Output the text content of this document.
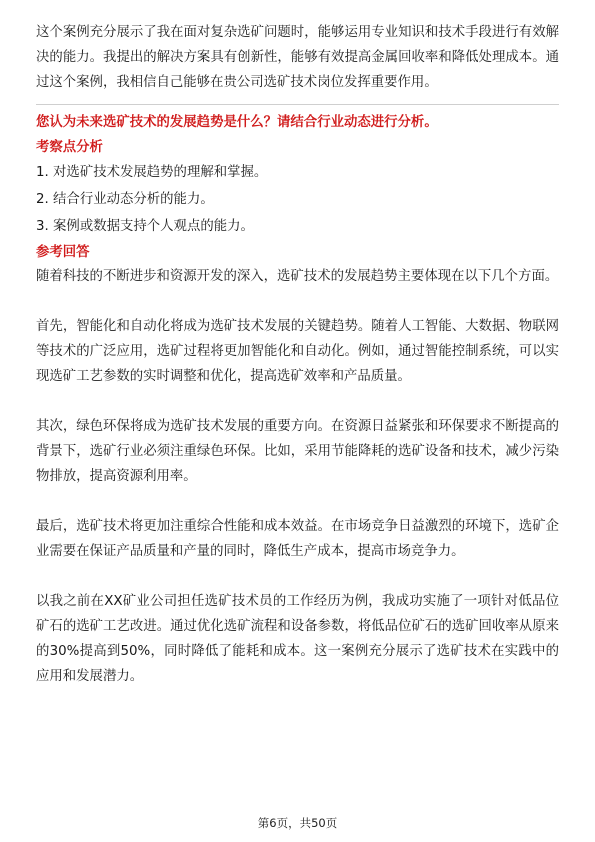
这个案例充分展示了我在面对复杂选矿问题时，能够运用专业知识和技术手段进行有效解决的能力。我提出的解决方案具有创新性，能够有效提高金属回收率和降低处理成本。通过这个案例，我相信自己能够在贵公司选矿技术岗位发挥重要作用。

您认为未来选矿技术的发展趋势是什么？请结合行业动态进行分析。

考察点分析

1. 对选矿技术发展趋势的理解和掌握。

2. 结合行业动态分析的能力。

3. 案例或数据支持个人观点的能力。

参考回答

随着科技的不断进步和资源开发的深入，选矿技术的发展趋势主要体现在以下几个方面。

首先，智能化和自动化将成为选矿技术发展的关键趋势。随着人工智能、大数据、物联网等技术的广泛应用，选矿过程将更加智能化和自动化。例如，通过智能控制系统，可以实现选矿工艺参数的实时调整和优化，提高选矿效率和产品质量。

其次，绿色环保将成为选矿技术发展的重要方向。在资源日益紧张和环保要求不断提高的背景下，选矿行业必须注重绿色环保。比如，采用节能降耗的选矿设备和技术，减少污染物排放，提高资源利用率。

最后，选矿技术将更加注重综合性能和成本效益。在市场竞争日益激烈的环境下，选矿企业需要在保证产品质量和产量的同时，降低生产成本，提高市场竞争力。

以我之前在XX矿业公司担任选矿技术员的工作经历为例，我成功实施了一项针对低品位矿石的选矿工艺改进。通过优化选矿流程和设备参数，将低品位矿石的选矿回收率从原来的30%提高到50%，同时降低了能耗和成本。这一案例充分展示了选矿技术在实践中的应用和发展潜力。

第6页，共50页
